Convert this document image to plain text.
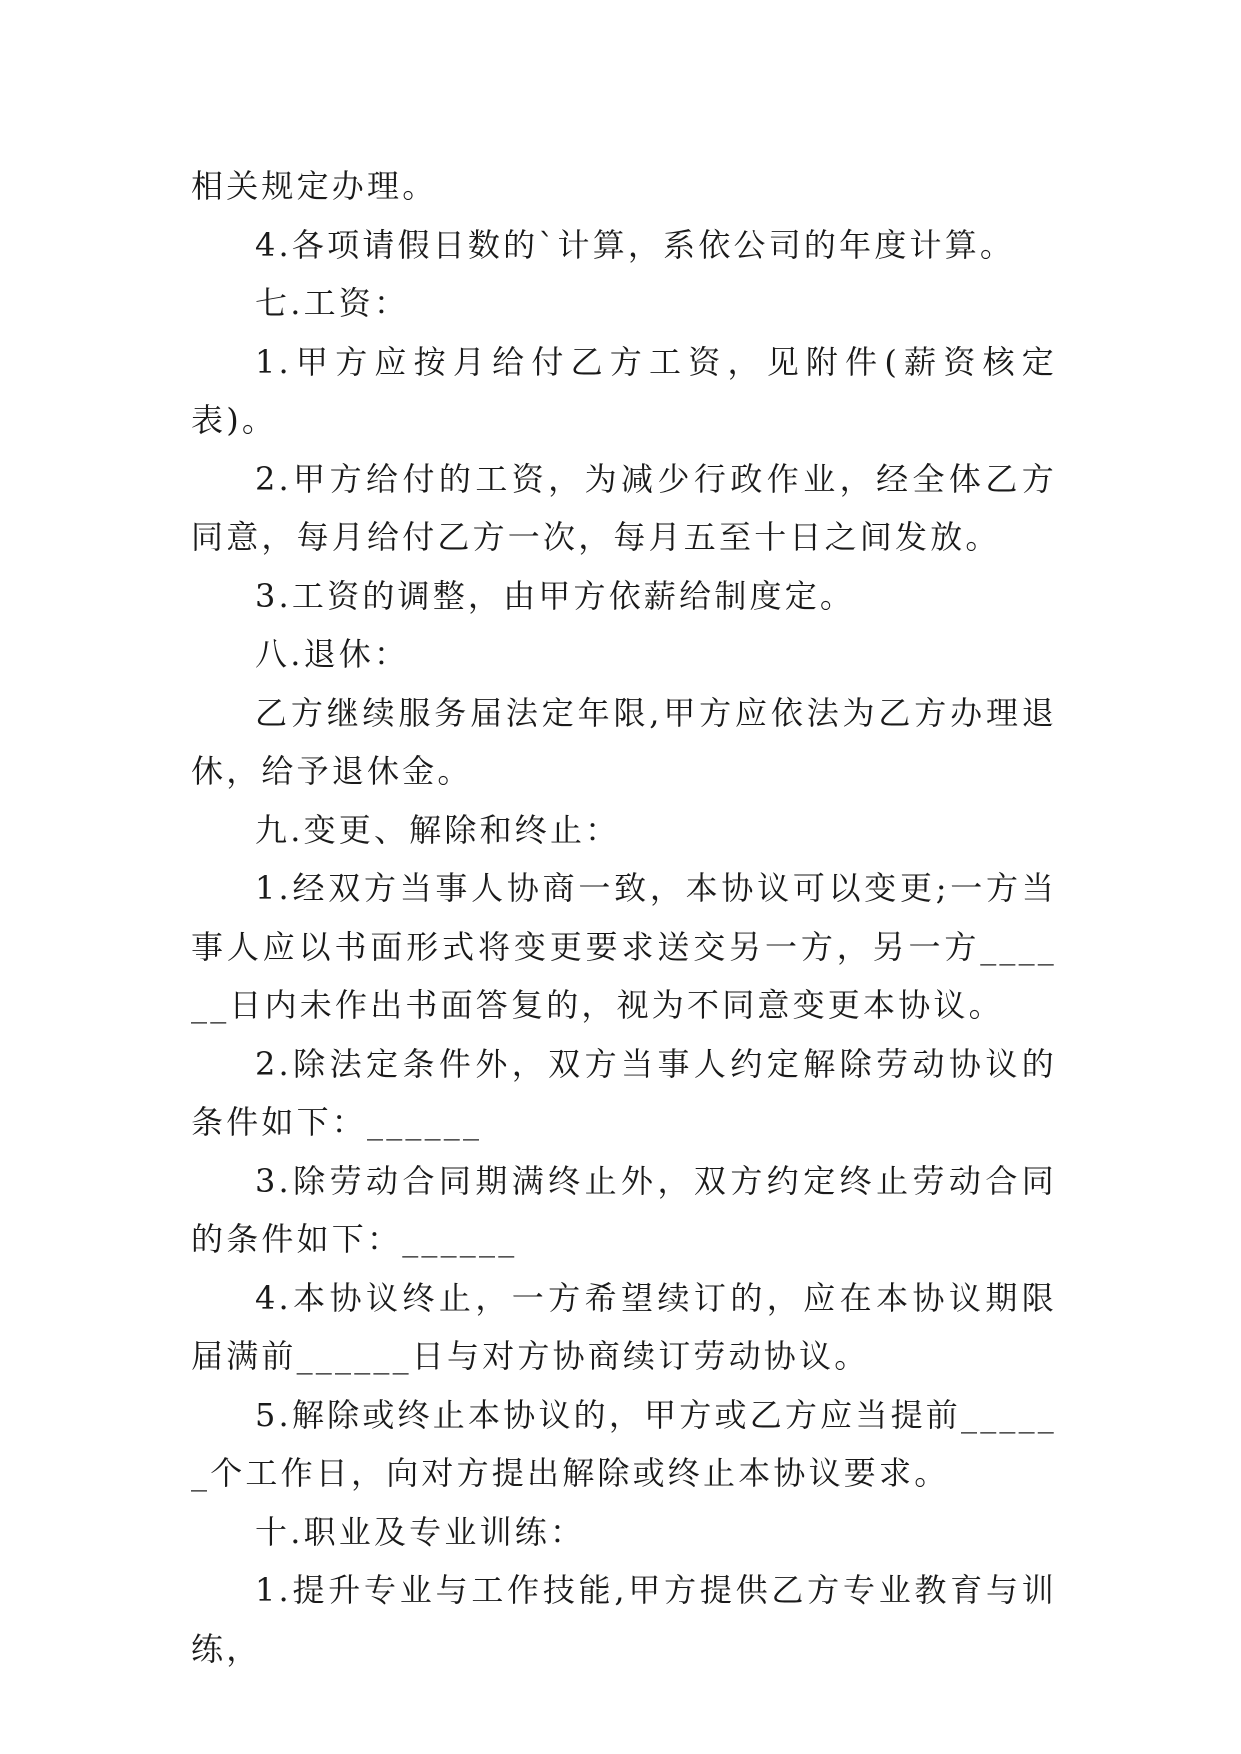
相关规定办理。

4.各项请假日数的`计算，系依公司的年度计算。

七.工资：

1.甲方应按月给付乙方工资，见附件(薪资核定表)。

2.甲方给付的工资，为减少行政作业，经全体乙方同意，每月给付乙方一次，每月五至十日之间发放。

3.工资的调整，由甲方依薪给制度定。

八.退休：

乙方继续服务届法定年限,甲方应依法为乙方办理退休，给予退休金。

九.变更、解除和终止：

1.经双方当事人协商一致，本协议可以变更;一方当事人应以书面形式将变更要求送交另一方，另一方______日内未作出书面答复的，视为不同意变更本协议。

2.除法定条件外，双方当事人约定解除劳动协议的条件如下：______

3.除劳动合同期满终止外，双方约定终止劳动合同的条件如下：______

4.本协议终止，一方希望续订的，应在本协议期限届满前______日与对方协商续订劳动协议。

5.解除或终止本协议的，甲方或乙方应当提前______个工作日，向对方提出解除或终止本协议要求。

十.职业及专业训练：

1.提升专业与工作技能,甲方提供乙方专业教育与训练，
